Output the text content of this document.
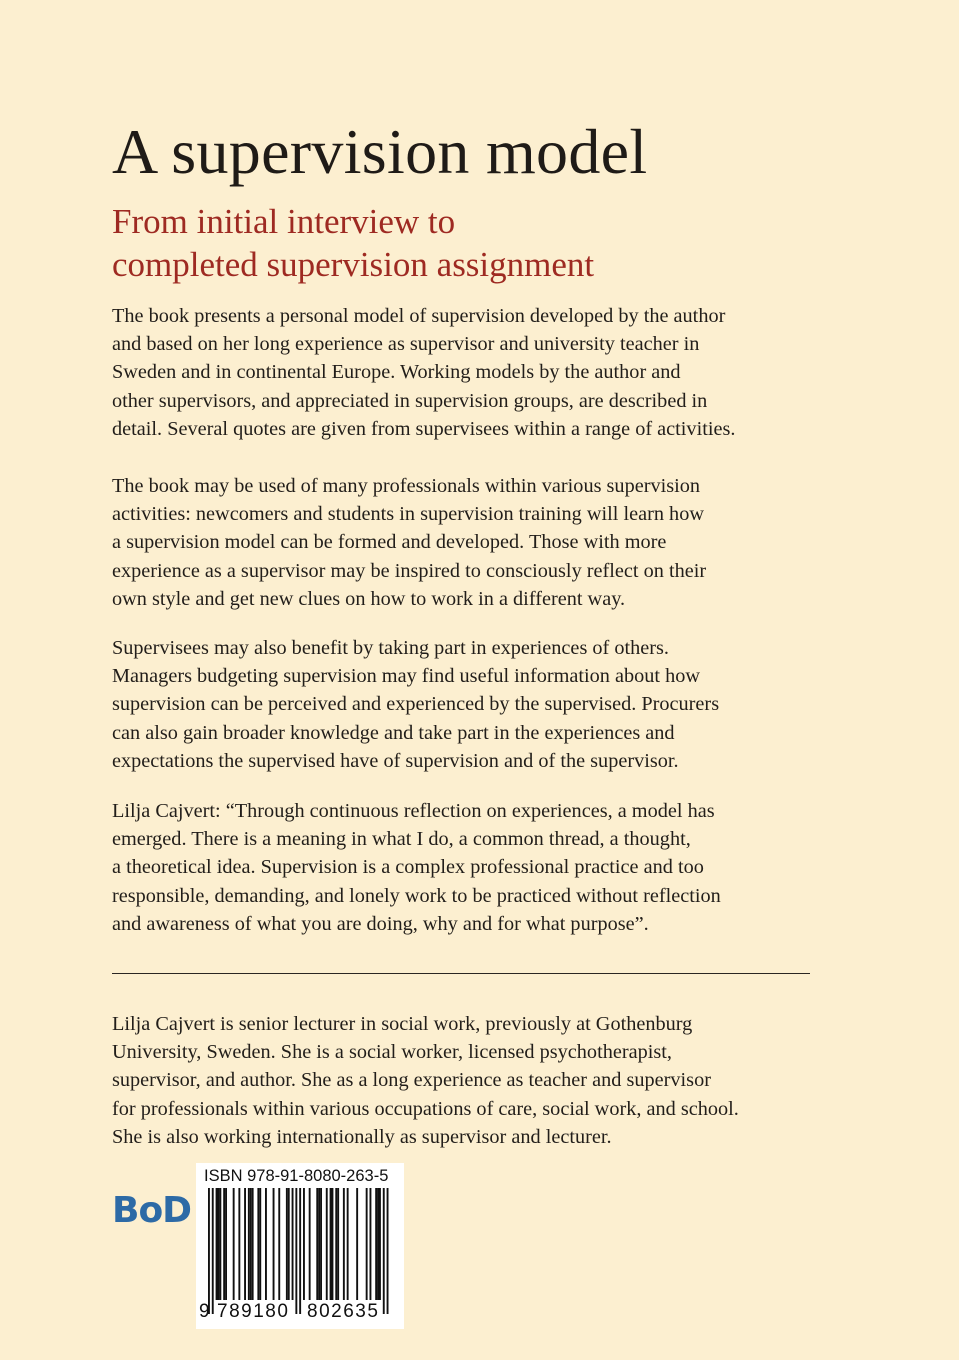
A supervision model
From initial interview to
completed supervision assignment

The book presents a personal model of supervision developed by the author
and based on her long experience as supervisor and university teacher in
Sweden and in continental Europe. Working models by the author and
other supervisors, and appreciated in supervision groups, are described in
detail. Several quotes are given from supervisees within a range of activities.

The book may be used of many professionals within various supervision
activities: newcomers and students in supervision training will learn how
a supervision model can be formed and developed. Those with more
experience as a supervisor may be inspired to consciously reflect on their
own style and get new clues on how to work in a different way.

Supervisees may also benefit by taking part in experiences of others.
Managers budgeting supervision may find useful information about how
supervision can be perceived and experienced by the supervised. Procurers
can also gain broader knowledge and take part in the experiences and
expectations the supervised have of supervision and of the supervisor.

Lilja Cajvert: “Through continuous reflection on experiences, a model has
emerged. There is a meaning in what I do, a common thread, a thought,
a theoretical idea. Supervision is a complex professional practice and too
responsible, demanding, and lonely work to be practiced without reflection
and awareness of what you are doing, why and for what purpose”.

Lilja Cajvert is senior lecturer in social work, previously at Gothenburg
University, Sweden. She is a social worker, licensed psychotherapist,
supervisor, and author. She as a long experience as teacher and supervisor
for professionals within various occupations of care, social work, and school.
She is also working internationally as supervisor and lecturer.

BoD
ISBN 978-91-8080-263-5
9 789180 802635
